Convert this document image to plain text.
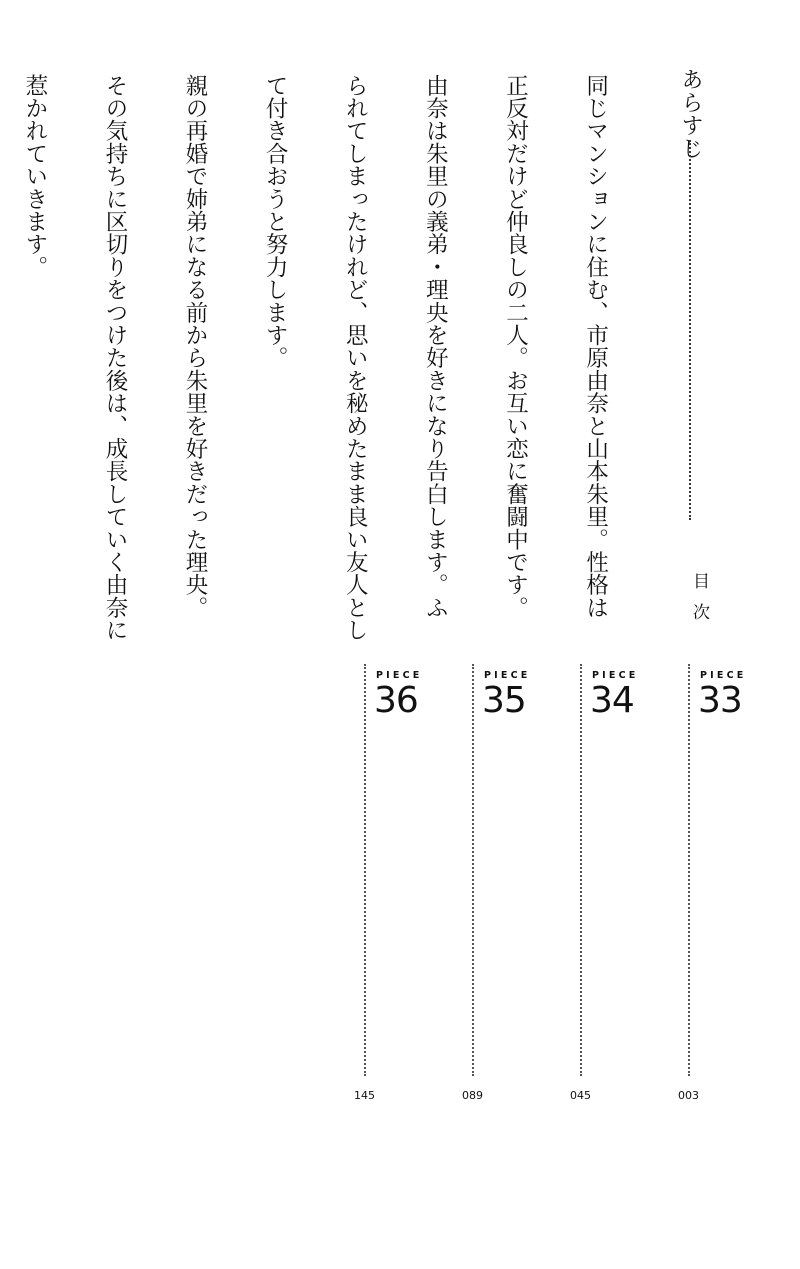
あらすじ

同じマンションに住む、市原由奈と山本朱里。性格は

正反対だけど仲良しの二人。お互い恋に奮闘中です。

由奈は朱里の義弟・理央を好きになり告白します。ふ

られてしまったけれど、思いを秘めたまま良い友人とし

て付き合おうと努力します。

親の再婚で姉弟になる前から朱里を好きだった理央。

その気持ちに区切りをつけた後は、成長していく由奈に

惹かれていきます。

目次
PIECE
33
003
PIECE
34
045
PIECE
35
089
PIECE
36
145
